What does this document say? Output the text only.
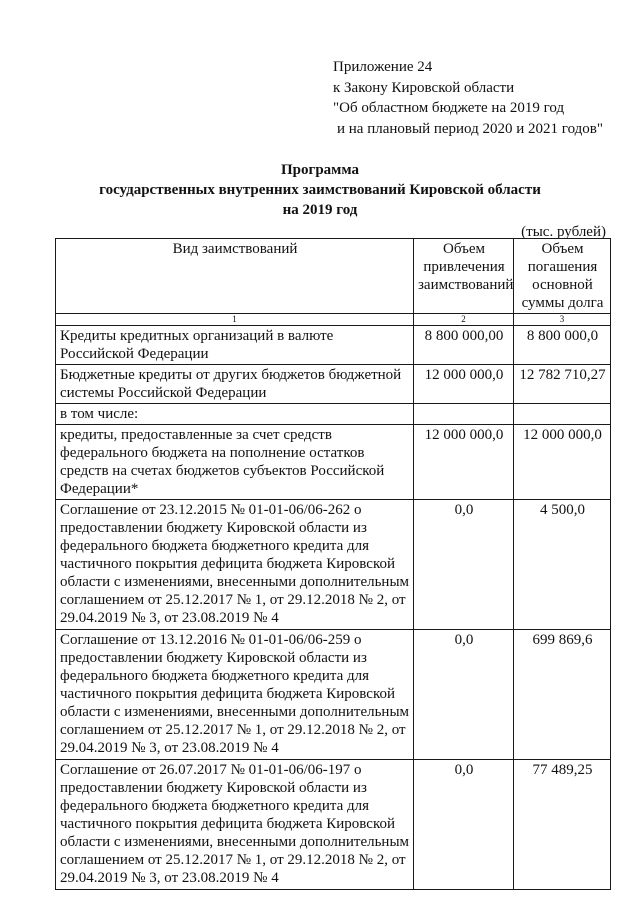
Приложение 24
к Закону Кировской области
"Об областном бюджете на 2019 год
и на плановый период 2020 и 2021 годов"
Программа
государственных внутренних заимствований Кировской области
на 2019 год
(тыс. рублей)
Вид заимствований	Объем привлечения заимствований	Объем погашения основной суммы долга
1	2	3
Кредиты кредитных организаций в валюте Российской Федерации	8 800 000,00	8 800 000,0
Бюджетные кредиты от других бюджетов бюджетной системы Российской Федерации	12 000 000,0	12 782 710,27
в том числе:		
кредиты, предоставленные за счет средств федерального бюджета на пополнение остатков средств на счетах бюджетов субъектов Российской Федерации*	12 000 000,0	12 000 000,0
Соглашение от 23.12.2015 № 01-01-06/06-262 о предоставлении бюджету Кировской области из федерального бюджета бюджетного кредита для частичного покрытия дефицита бюджета Кировской области с изменениями, внесенными дополнительным соглашением от 25.12.2017 № 1, от 29.12.2018 № 2, от 29.04.2019 № 3, от 23.08.2019 № 4	0,0	4 500,0
Соглашение от 13.12.2016 № 01-01-06/06-259 о предоставлении бюджету Кировской области из федерального бюджета бюджетного кредита для частичного покрытия дефицита бюджета Кировской области с изменениями, внесенными дополнительным соглашением от 25.12.2017 № 1, от 29.12.2018 № 2, от 29.04.2019 № 3, от 23.08.2019 № 4	0,0	699 869,6
Соглашение от 26.07.2017 № 01-01-06/06-197 о предоставлении бюджету Кировской области из федерального бюджета бюджетного кредита для частичного покрытия дефицита бюджета Кировской области с изменениями, внесенными дополнительным соглашением от 25.12.2017 № 1, от 29.12.2018 № 2, от 29.04.2019 № 3, от 23.08.2019 № 4	0,0	77 489,25
